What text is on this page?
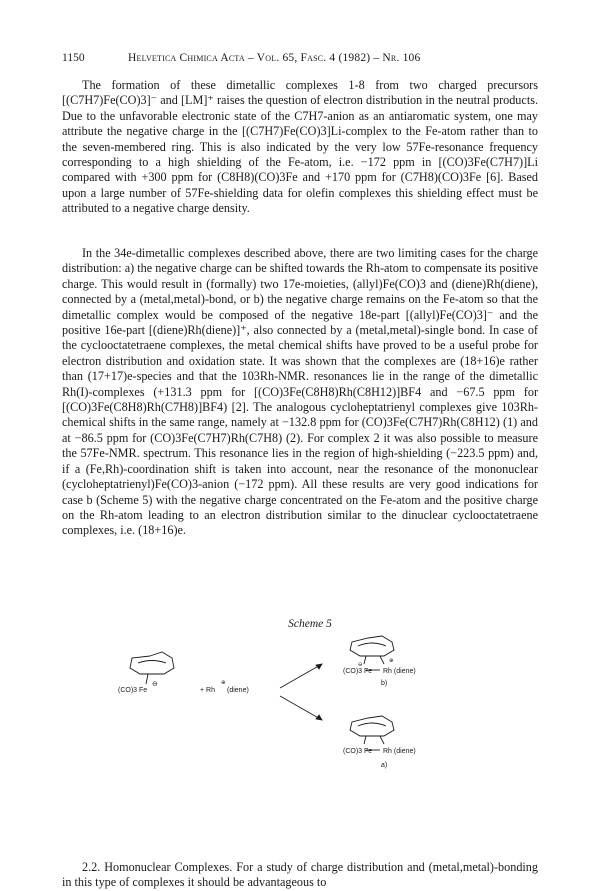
1150	Helvetica Chimica Acta – Vol. 65, Fasc. 4 (1982) – Nr. 106

The formation of these dimetallic complexes 1-8 from two charged precursors [(C7H7)Fe(CO)3]⁻ and [LM]⁺ raises the question of electron distribution in the neutral products. Due to the unfavorable electronic state of the C7H7-anion as an antiaromatic system, one may attribute the negative charge in the [(C7H7)Fe(CO)3]Li-complex to the Fe-atom rather than to the seven-membered ring. This is also indicated by the very low 57Fe-resonance frequency corresponding to a high shielding of the Fe-atom, i.e. −172 ppm in [(CO)3Fe(C7H7)]Li compared with +300 ppm for (C8H8)(CO)3Fe and +170 ppm for (C7H8)(CO)3Fe [6]. Based upon a large number of 57Fe-shielding data for olefin complexes this shielding effect must be attributed to a negative charge density.

In the 34e-dimetallic complexes described above, there are two limiting cases for the charge distribution: a) the negative charge can be shifted towards the Rh-atom to compensate its positive charge. This would result in (formally) two 17e-moieties, (allyl)Fe(CO)3 and (diene)Rh(diene), connected by a (metal,metal)-bond, or b) the negative charge remains on the Fe-atom so that the dimetallic complex would be composed of the negative 18e-part [(allyl)Fe(CO)3]⁻ and the positive 16e-part [(diene)Rh(diene)]⁺, also connected by a (metal,metal)-single bond. In case of the cyclooctatetraene complexes, the metal chemical shifts have proved to be a useful probe for electron distribution and oxidation state. It was shown that the complexes are (18+16)e rather than (17+17)e-species and that the 103Rh-NMR. resonances lie in the range of the dimetallic Rh(I)-complexes (+131.3 ppm for [(CO)3Fe(C8H8)Rh(C8H12)]BF4 and −67.5 ppm for [(CO)3Fe(C8H8)Rh(C7H8)]BF4) [2]. The analogous cycloheptatrienyl complexes give 103Rh-chemical shifts in the same range, namely at −132.8 ppm for (CO)3Fe(C7H7)Rh(C8H12) (1) and at −86.5 ppm for (CO)3Fe(C7H7)Rh(C7H8) (2). For complex 2 it was also possible to measure the 57Fe-NMR. spectrum. This resonance lies in the region of high-shielding (−223.5 ppm) and, if a (Fe,Rh)-coordination shift is taken into account, near the resonance of the mononuclear (cycloheptatrienyl)Fe(CO)3-anion (−172 ppm). All these results are very good indications for case b (Scheme 5) with the negative charge concentrated on the Fe-atom and the positive charge on the Rh-atom leading to an electron distribution similar to the dinuclear cyclooctatetraene complexes, i.e. (18+16)e.

Scheme 5
(CO)3 Fe
⊖
+ Rh
⊕
(diene)
⊖
⊕
(CO)3 Fe Rh (diene)
b)
(CO)3 Fe Rh (diene)
a)

2.2. Homonuclear Complexes. For a study of charge distribution and (metal,metal)-bonding in this type of complexes it should be advantageous to
